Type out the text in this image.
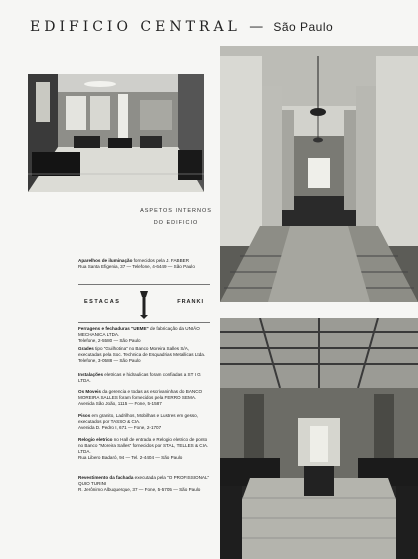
EDIFICIO CENTRAL — São Paulo
ASPETOS INTERNOS
DO EDIFICIO
Aparelhos de iluminação fornecidos pela J. FABBER
Rua Santa Efigenia, 37 — Telefone, 4-6449 — São Paulo
ESTACAS	FRANKI
Ferragens e fechaduras "UEME" de fabricação da UNIÃO MECHANICA LTDA.
Telefone, 2-5580 — São Paulo
Grades tipo "Guilhotina" no Banco Moreira Salles S/A, executadas pela Soc. Technica de Esquadrias Metallicas Ltda.
Telefone, 3-0588 — São Paulo
Instalações eletricas e hidraulicas foram confiadas a ST I G LTDA.
Os Moveis da gerencia e todas as escrivaninhas do BANCO MOREIRA SALLES foram fornecidos pela FERRO SEMA.
Avenida São João, 1115 — Fone, 5-1587
Pisos em granito, Ladrilhos, Mobilhas e Lustres em gesso, executados por TASSO & CIA.
Avenida D. Pedro I, 671 — Fone, 2-1707
Relogio eletrico no Hall de entrada e Relogio eletrico de ponto no Banco "Moreira Salles" fornecidos por STAL, TELLES & CIA. LTDA.
Rua Libero Badaró, 94 — Tel. 2-4404 — São Paulo
Revestimento da fachada executada pela "O PROFISSIONAL" QUIO TURINI
R. Jerônimo Albuquerque, 37 — Fone, 5-5705 — São Paulo
